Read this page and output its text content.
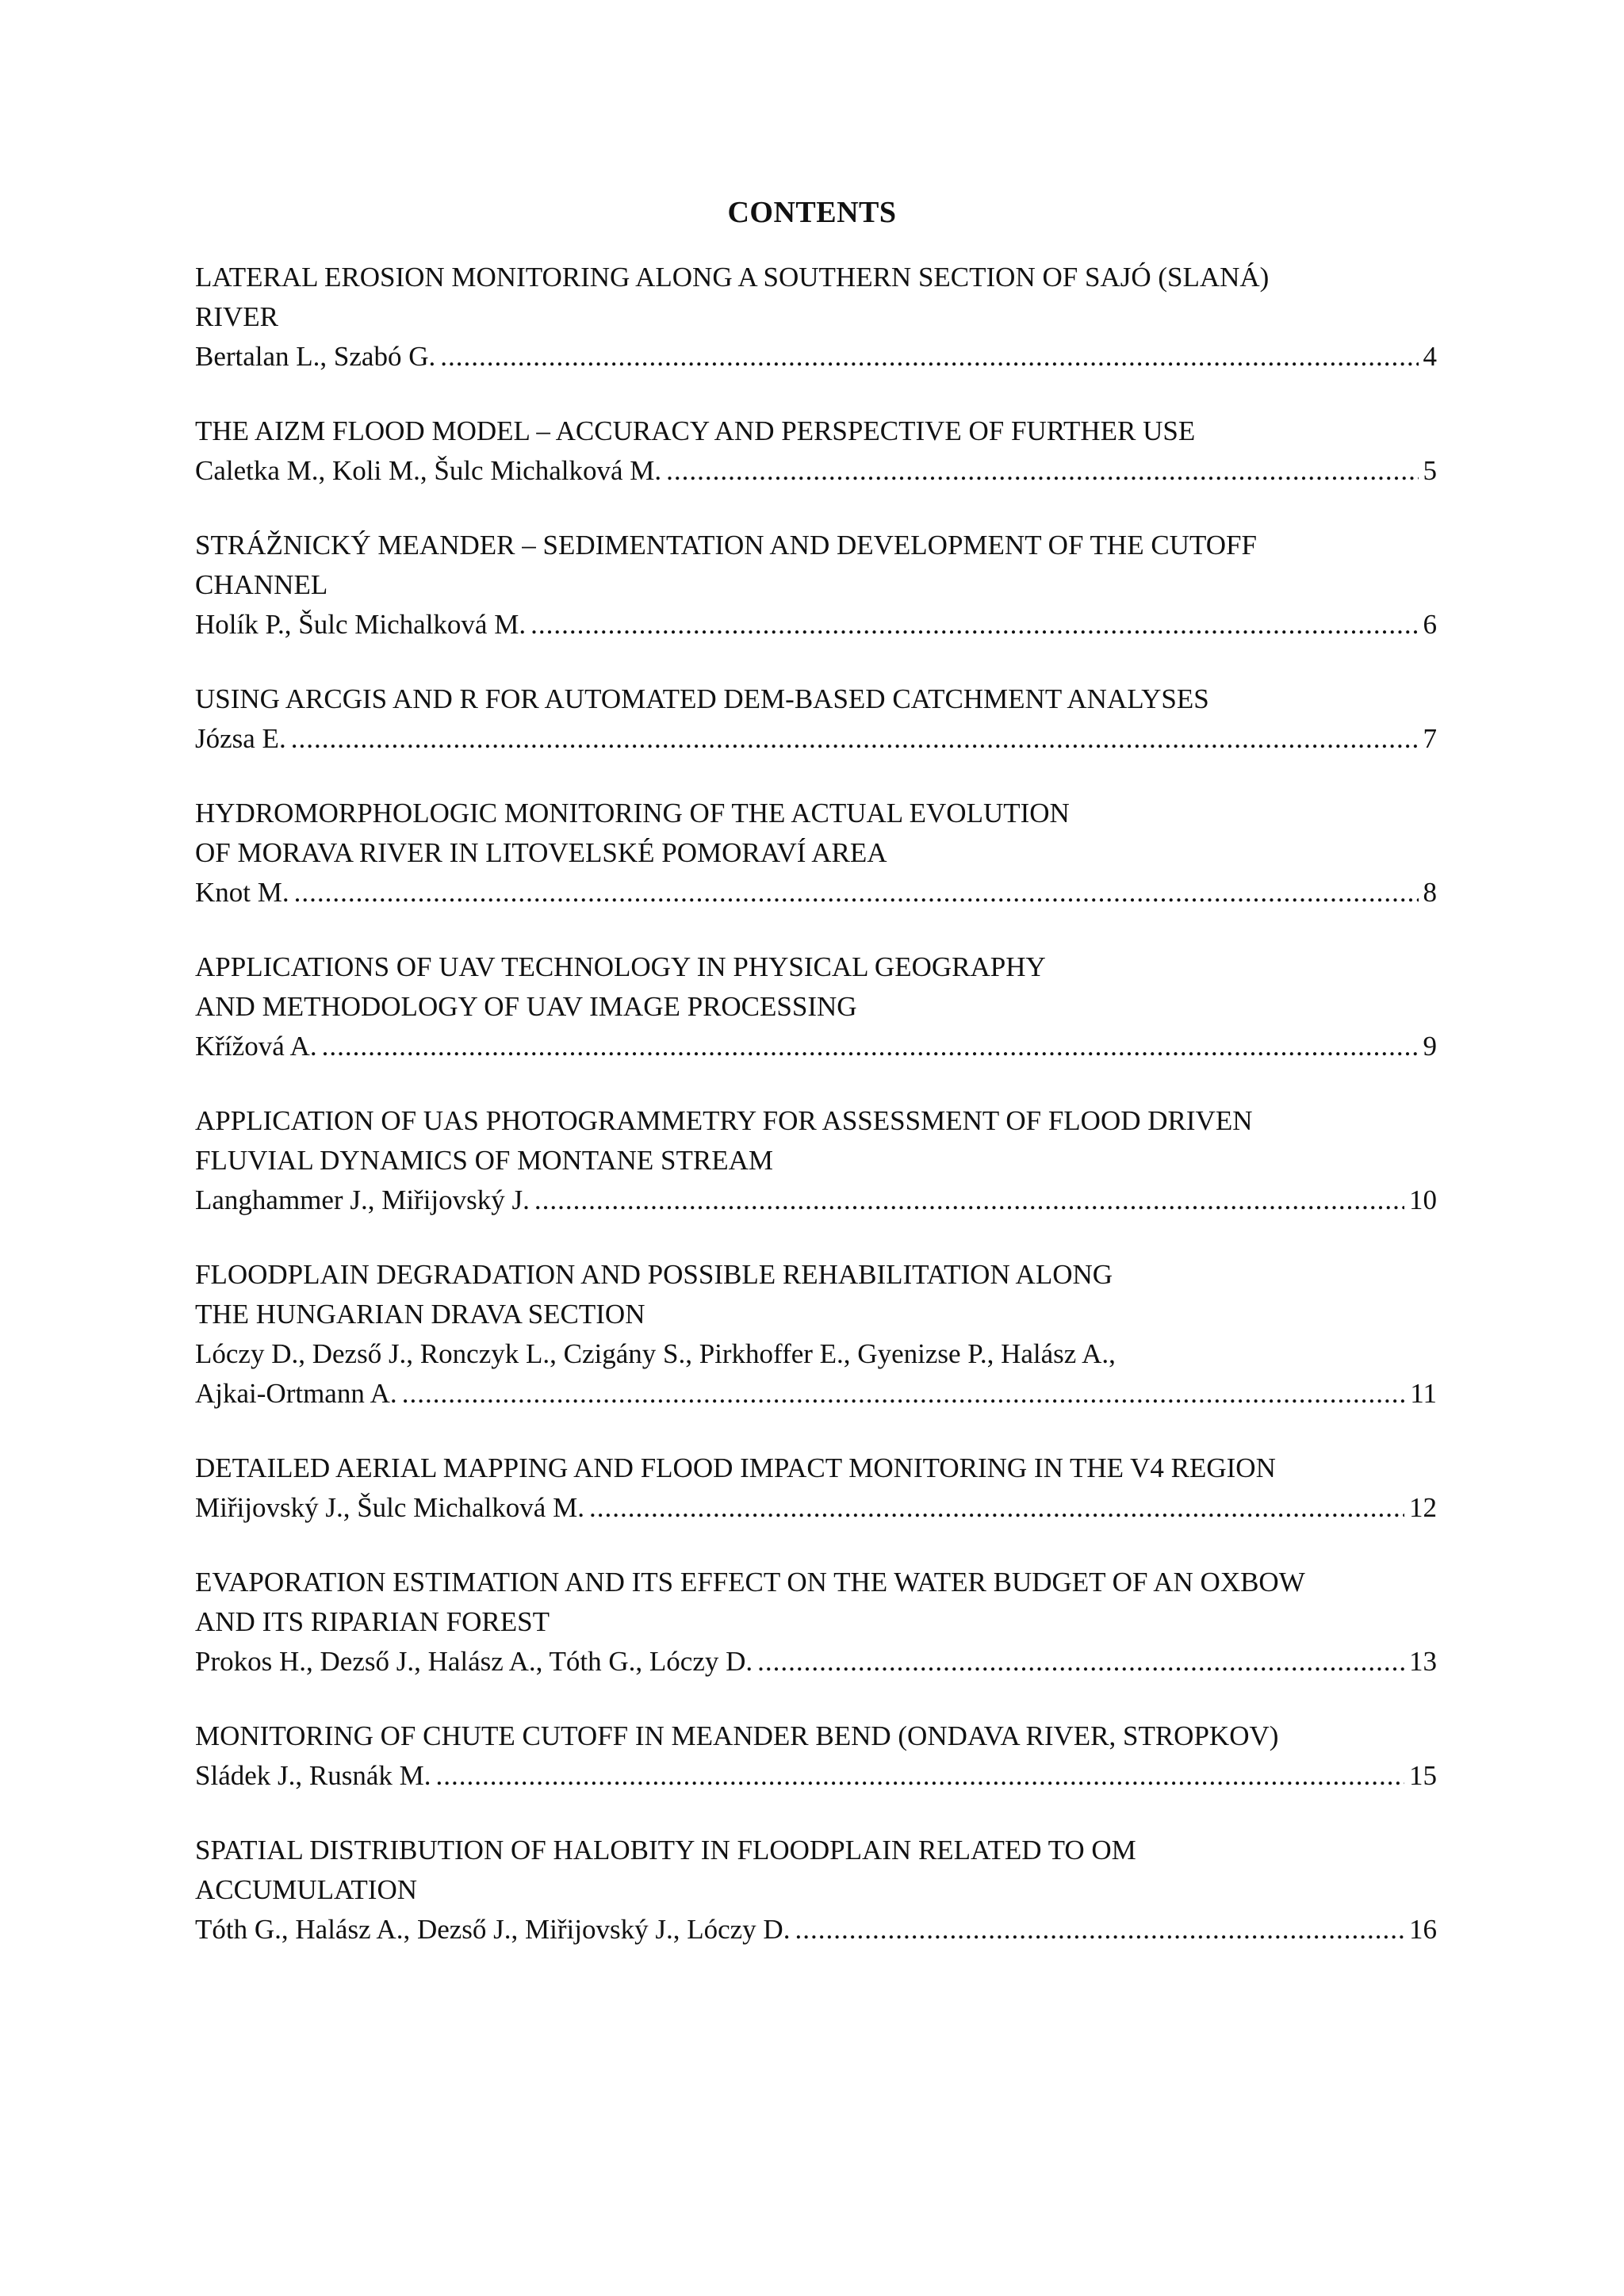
CONTENTS
LATERAL EROSION MONITORING ALONG A SOUTHERN SECTION OF SAJÓ (SLANÁ)
RIVER
Bertalan L., Szabó G. .....	4
THE AIZM FLOOD MODEL – ACCURACY AND PERSPECTIVE OF FURTHER USE
Caletka M., Koli M., Šulc Michalková M. .....	5
STRÁŽNICKÝ MEANDER – SEDIMENTATION AND DEVELOPMENT OF THE CUTOFF
CHANNEL
Holík P., Šulc Michalková M. .....	6
USING ARCGIS AND R FOR AUTOMATED DEM-BASED CATCHMENT ANALYSES
Józsa E. .....	7
HYDROMORPHOLOGIC MONITORING OF THE ACTUAL EVOLUTION
OF MORAVA RIVER IN LITOVELSKÉ POMORAVÍ AREA
Knot M. .....	8
APPLICATIONS OF UAV TECHNOLOGY IN PHYSICAL GEOGRAPHY
AND METHODOLOGY OF UAV IMAGE PROCESSING
Křížová A. .....	9
APPLICATION OF UAS PHOTOGRAMMETRY FOR ASSESSMENT OF FLOOD DRIVEN
FLUVIAL DYNAMICS OF MONTANE STREAM
Langhammer J., Miřijovský J. .....	10
FLOODPLAIN DEGRADATION AND POSSIBLE REHABILITATION ALONG
THE HUNGARIAN DRAVA SECTION
Lóczy D., Dezső J., Ronczyk L., Czigány S., Pirkhoffer E., Gyenizse P., Halász A.,
Ajkai-Ortmann A. .....	11
DETAILED AERIAL MAPPING AND FLOOD IMPACT MONITORING IN THE V4 REGION
Miřijovský J., Šulc Michalková M. .....	12
EVAPORATION ESTIMATION AND ITS EFFECT ON THE WATER BUDGET OF AN OXBOW
AND ITS RIPARIAN FOREST
Prokos H., Dezső J., Halász A., Tóth G., Lóczy D. .....	13
MONITORING OF CHUTE CUTOFF IN MEANDER BEND (ONDAVA RIVER, STROPKOV)
Sládek J., Rusnák M. .....	15
SPATIAL DISTRIBUTION OF HALOBITY IN FLOODPLAIN RELATED TO OM
ACCUMULATION
Tóth G., Halász A., Dezső J., Miřijovský J., Lóczy D. .....	16
